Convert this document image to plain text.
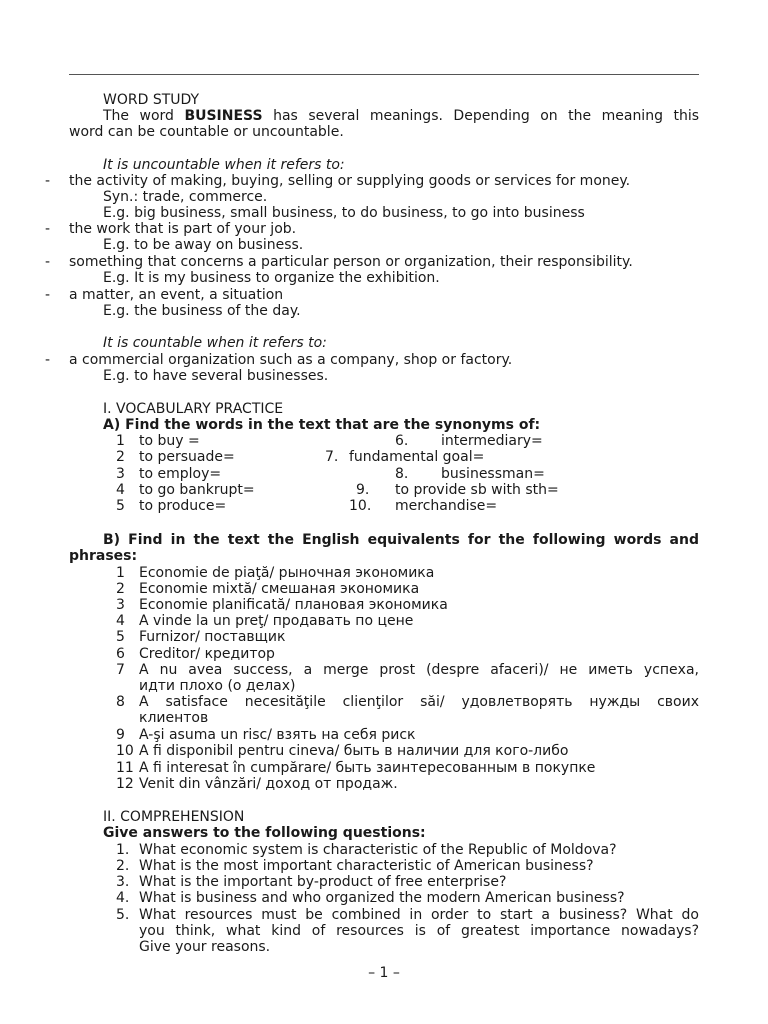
WORD STUDY
The word BUSINESS has several meanings. Depending on the meaning this
word can be countable or uncountable.
It is uncountable when it refers to:
- the activity of making, buying, selling or supplying goods or services for money.
Syn.: trade, commerce.
E.g. big business, small business, to do business, to go into business
- the work that is part of your job.
E.g. to be away on business.
- something that concerns a particular person or organization, their responsibility.
E.g. It is my business to organize the exhibition.
- a matter, an event, a situation
E.g. the business of the day.
It is countable when it refers to:
- a commercial organization such as a company, shop or factory.
E.g. to have several businesses.
I. VOCABULARY PRACTICE
A) Find the words in the text that are the synonyms of:
1 to buy =
2 to persuade=
3 to employ=
4 to go bankrupt=
5 to produce=
6. intermediary=
7. fundamental goal=
8. businessman=
9. to provide sb with sth=
10. merchandise=
B) Find in the text the English equivalents for the following words and
phrases:
1 Economie de piaţă/ рыночная экономика
2 Economie mixtă/ смешаная экономика
3 Economie planificată/ плановая экономика
4 A vinde la un preţ/ продавать по цене
5 Furnizor/ поставщик
6 Creditor/ кредитор
7 A nu avea success, a merge prost (despre afaceri)/ не иметь успеха,
идти плохо (о делах)
8 A satisface necesităţile clienţilor săi/ удовлетворять нужды своих
клиентов
9 A-şi asuma un risc/ взять на себя риск
10 A fi disponibil pentru cineva/ быть в наличии для кого-либо
11 A fi interesat în cumpărare/ быть заинтересованным в покупке
12 Venit din vânzări/ доход от продаж.
II. COMPREHENSION
Give answers to the following questions:
1. What economic system is characteristic of the Republic of Moldova?
2. What is the most important characteristic of American business?
3. What is the important by-product of free enterprise?
4. What is business and who organized the modern American business?
5. What resources must be combined in order to start a business? What do
you think, what kind of resources is of greatest importance nowadays?
Give your reasons.
– 1 –
